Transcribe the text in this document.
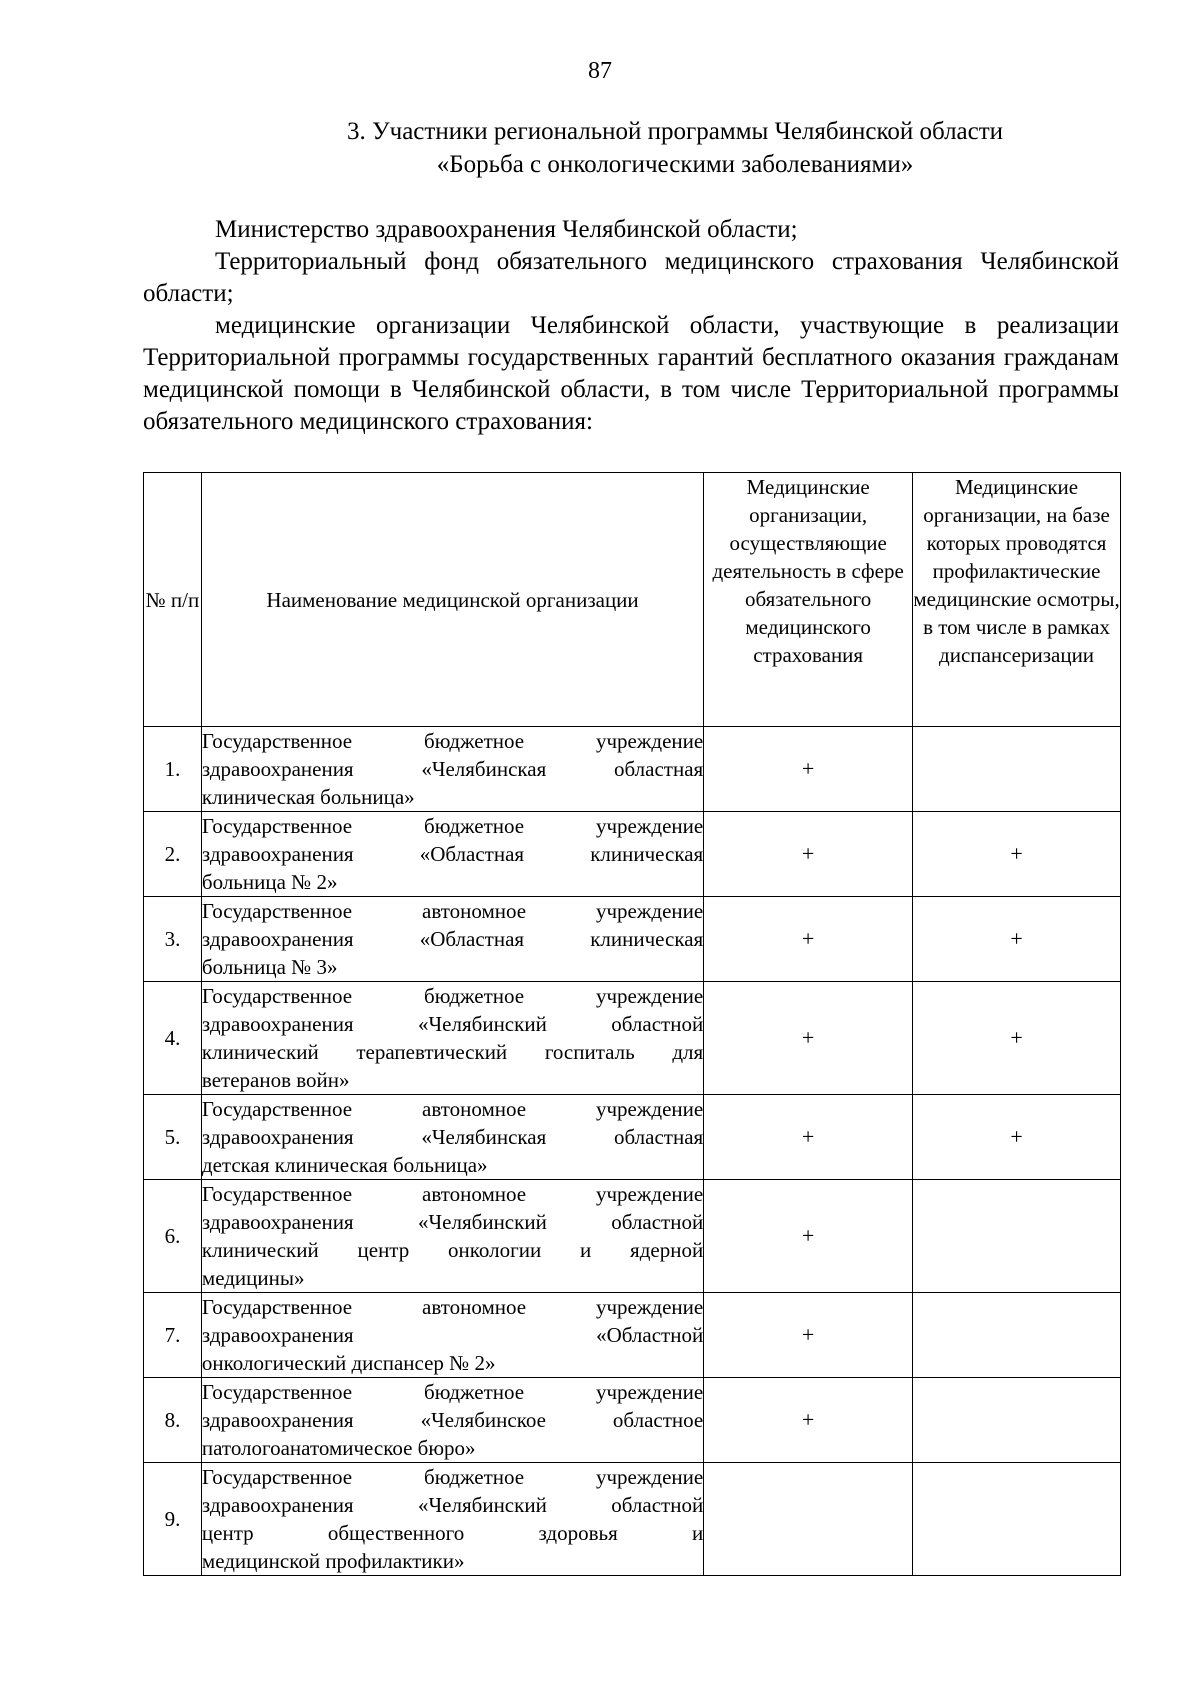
87
3. Участники региональной программы Челябинской области
«Борьба с онкологическими заболеваниями»
Министерство здравоохранения Челябинской области;
Территориальный фонд обязательного медицинского страхования Челябинской области;
медицинские организации Челябинской области, участвующие в реализации Территориальной программы государственных гарантий бесплатного оказания гражданам медицинской помощи в Челябинской области, в том числе Территориальной программы обязательного медицинского страхования:
№ п/п	Наименование медицинской организации	Медицинские организации, осуществляющие деятельность в сфере обязательного медицинского страхования	Медицинские организации, на базе которых проводятся профилактические медицинские осмотры, в том числе в рамках диспансеризации
1.	Государственное бюджетное учреждение
здравоохранения «Челябинская областная
клиническая больница»	+	
2.	Государственное бюджетное учреждение
здравоохранения «Областная клиническая
больница № 2»	+	+
3.	Государственное автономное учреждение
здравоохранения «Областная клиническая
больница № 3»	+	+
4.	Государственное бюджетное учреждение
здравоохранения «Челябинский областной
клинический терапевтический госпиталь для
ветеранов войн»	+	+
5.	Государственное автономное учреждение
здравоохранения «Челябинская областная
детская клиническая больница»	+	+
6.	Государственное автономное учреждение
здравоохранения «Челябинский областной
клинический центр онкологии и ядерной
медицины»	+	
7.	Государственное автономное учреждение
здравоохранения «Областной
онкологический диспансер № 2»	+	
8.	Государственное бюджетное учреждение
здравоохранения «Челябинское областное
патологоанатомическое бюро»	+	
9.	Государственное бюджетное учреждение
здравоохранения «Челябинский областной
центр общественного здоровья и
медицинской профилактики»		
